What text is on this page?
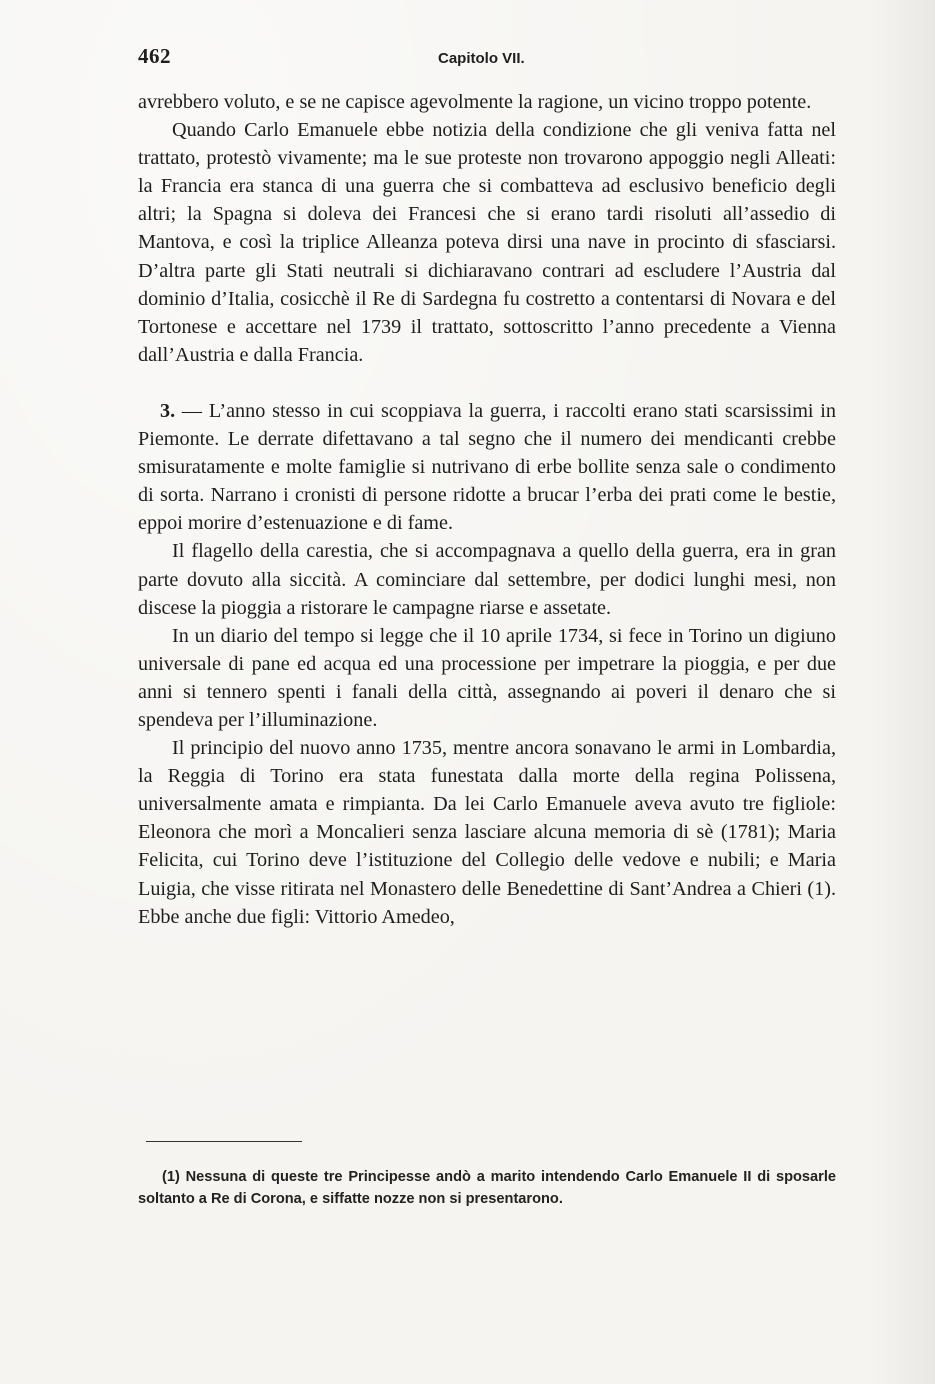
462	Capitolo VII.

avrebbero voluto, e se ne capisce agevolmente la ragione, un vicino troppo potente.

Quando Carlo Emanuele ebbe notizia della condizione che gli veniva fatta nel trattato, protestò vivamente; ma le sue proteste non trovarono appoggio negli Alleati: la Francia era stanca di una guerra che si combatteva ad esclusivo beneficio degli altri; la Spagna si doleva dei Francesi che si erano tardi risoluti all’assedio di Mantova, e così la triplice Alleanza poteva dirsi una nave in procinto di sfasciarsi. D’altra parte gli Stati neutrali si dichiaravano contrari ad escludere l’Austria dal dominio d’Italia, cosicchè il Re di Sardegna fu costretto a contentarsi di Novara e del Tortonese e accettare nel 1739 il trattato, sottoscritto l’anno precedente a Vienna dall’Austria e dalla Francia.

3. — L’anno stesso in cui scoppiava la guerra, i raccolti erano stati scarsissimi in Piemonte. Le derrate difettavano a tal segno che il numero dei mendicanti crebbe smisuratamente e molte famiglie si nutrivano di erbe bollite senza sale o condimento di sorta. Narrano i cronisti di persone ridotte a brucar l’erba dei prati come le bestie, eppoi morire d’estenuazione e di fame.

Il flagello della carestia, che si accompagnava a quello della guerra, era in gran parte dovuto alla siccità. A cominciare dal settembre, per dodici lunghi mesi, non discese la pioggia a ristorare le campagne riarse e assetate.

In un diario del tempo si legge che il 10 aprile 1734, si fece in Torino un digiuno universale di pane ed acqua ed una processione per impetrare la pioggia, e per due anni si tennero spenti i fanali della città, assegnando ai poveri il denaro che si spendeva per l’illuminazione.

Il principio del nuovo anno 1735, mentre ancora sonavano le armi in Lombardia, la Reggia di Torino era stata funestata dalla morte della regina Polissena, universalmente amata e rimpianta. Da lei Carlo Emanuele aveva avuto tre figliole: Eleonora che morì a Moncalieri senza lasciare alcuna memoria di sè (1781); Maria Felicita, cui Torino deve l’istituzione del Collegio delle vedove e nubili; e Maria Luigia, che visse ritirata nel Monastero delle Benedettine di Sant’Andrea a Chieri (1). Ebbe anche due figli: Vittorio Amedeo,

(1) Nessuna di queste tre Principesse andò a marito intendendo Carlo Emanuele II di sposarle soltanto a Re di Corona, e siffatte nozze non si presentarono.
